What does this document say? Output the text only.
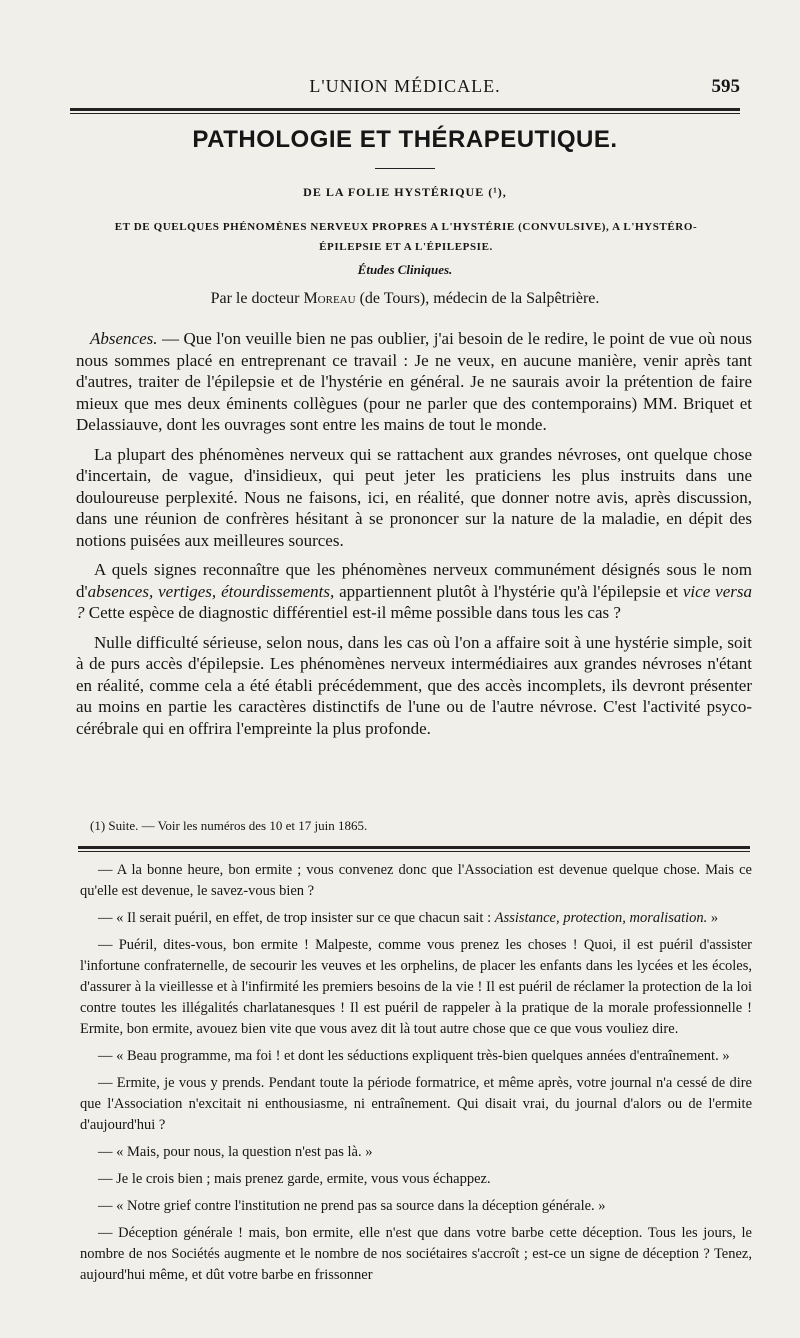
L'UNION MÉDICALE.	595
PATHOLOGIE ET THÉRAPEUTIQUE.
DE LA FOLIE HYSTÉRIQUE (¹),
ET DE QUELQUES PHÉNOMÈNES NERVEUX PROPRES A L'HYSTÉRIE (CONVULSIVE), A L'HYSTÉRO-
ÉPILEPSIE ET A L'ÉPILEPSIE.
Études Cliniques.
Par le docteur Moreau (de Tours), médecin de la Salpêtrière.

Absences. — Que l'on veuille bien ne pas oublier, j'ai besoin de le redire, le point de vue où nous nous sommes placé en entreprenant ce travail : Je ne veux, en aucune manière, venir après tant d'autres, traiter de l'épilepsie et de l'hystérie en général. Je ne saurais avoir la prétention de faire mieux que mes deux éminents collègues (pour ne parler que des contemporains) MM. Briquet et Delassiauve, dont les ouvrages sont entre les mains de tout le monde.

La plupart des phénomènes nerveux qui se rattachent aux grandes névroses, ont quelque chose d'incertain, de vague, d'insidieux, qui peut jeter les praticiens les plus instruits dans une douloureuse perplexité. Nous ne faisons, ici, en réalité, que donner notre avis, après discussion, dans une réunion de confrères hésitant à se prononcer sur la nature de la maladie, en dépit des notions puisées aux meilleures sources.

A quels signes reconnaître que les phénomènes nerveux communément désignés sous le nom d'absences, vertiges, étourdissements, appartiennent plutôt à l'hystérie qu'à l'épilepsie et vice versa ? Cette espèce de diagnostic différentiel est-il même possible dans tous les cas ?

Nulle difficulté sérieuse, selon nous, dans les cas où l'on a affaire soit à une hystérie simple, soit à de purs accès d'épilepsie. Les phénomènes nerveux intermédiaires aux grandes névroses n'étant en réalité, comme cela a été établi précédemment, que des accès incomplets, ils devront présenter au moins en partie les caractères distinctifs de l'une ou de l'autre névrose. C'est l'activité psyco-cérébrale qui en offrira l'empreinte la plus profonde.

(1) Suite. — Voir les numéros des 10 et 17 juin 1865.

— A la bonne heure, bon ermite ; vous convenez donc que l'Association est devenue quelque chose. Mais ce qu'elle est devenue, le savez-vous bien ?

— « Il serait puéril, en effet, de trop insister sur ce que chacun sait : Assistance, protection, moralisation. »

— Puéril, dites-vous, bon ermite ! Malpeste, comme vous prenez les choses ! Quoi, il est puéril d'assister l'infortune confraternelle, de secourir les veuves et les orphelins, de placer les enfants dans les lycées et les écoles, d'assurer à la vieillesse et à l'infirmité les premiers besoins de la vie ! Il est puéril de réclamer la protection de la loi contre toutes les illégalités charlatanesques ! Il est puéril de rappeler à la pratique de la morale professionnelle ! Ermite, bon ermite, avouez bien vite que vous avez dit là tout autre chose que ce que vous vouliez dire.

— « Beau programme, ma foi ! et dont les séductions expliquent très-bien quelques années d'entraînement. »

— Ermite, je vous y prends. Pendant toute la période formatrice, et même après, votre journal n'a cessé de dire que l'Association n'excitait ni enthousiasme, ni entraînement. Qui disait vrai, du journal d'alors ou de l'ermite d'aujourd'hui ?

— « Mais, pour nous, la question n'est pas là. »

— Je le crois bien ; mais prenez garde, ermite, vous vous échappez.

— « Notre grief contre l'institution ne prend pas sa source dans la déception générale. »

— Déception générale ! mais, bon ermite, elle n'est que dans votre barbe cette déception. Tous les jours, le nombre de nos Sociétés augmente et le nombre de nos sociétaires s'accroît ; est-ce un signe de déception ? Tenez, aujourd'hui même, et dût votre barbe en frissonner
